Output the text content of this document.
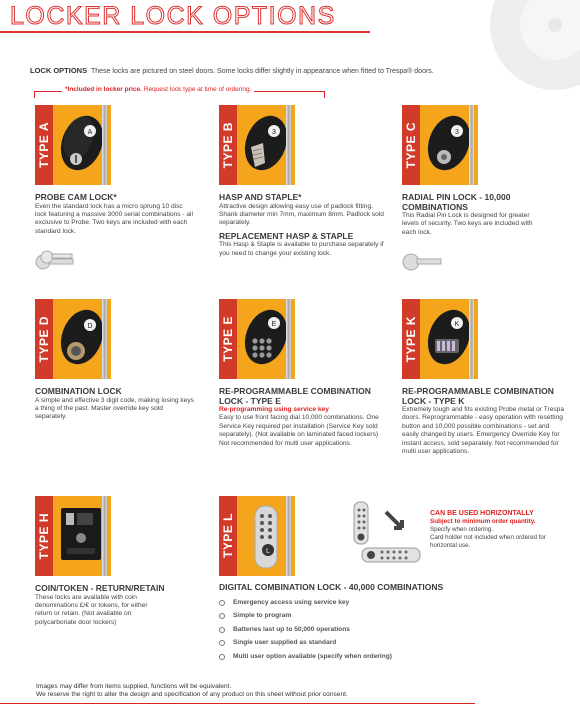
LOCKER LOCK OPTIONS
LOCK OPTIONS These locks are pictured on steel doors. Some locks differ slightly in appearance when fitted to Trespa® doors.
*Included in locker price. Request lock type at time of ordering.
TYPE A	A	TYPE B	3	TYPE C	3
PROBE CAM LOCK*
Even the standard lock has a micro sprung 10 disc lock featuring a massive 3000 serial combinations - all exclusive to Probe. Two keys are included with each standard lock.
HASP AND STAPLE*
Attractive design allowing easy use of padlock fitting. Shank diameter min 7mm, maximum 8mm. Padlock sold separately.
REPLACEMENT HASP & STAPLE
This Hasp & Staple is available to purchase separately if you need to change your existing lock.
RADIAL PIN LOCK - 10,000 COMBINATIONS
This Radial Pin Lock is designed for greater levels of security. Two keys are included with each lock.
TYPE D	D	TYPE E	E	TYPE K	K
COMBINATION LOCK
A simple and effective 3 digit code, making losing keys a thing of the past. Master override key sold separately.
RE-PROGRAMMABLE COMBINATION LOCK - TYPE E
Re-programming using service key
Easy to use front facing dial 10,000 combinations. One Service Key required per installation (Service Key sold separately). (Not available on laminated faced lockers) Not recommended for multi user applications.
RE-PROGRAMMABLE COMBINATION LOCK - TYPE K
Extremely tough and fits existing Probe metal or Trespa doors. Reprogrammable - easy operation with resetting button and 10,000 possible combinations - set and easily changed by users. Emergency Override Key for instant access, sold separately. Not recommended for multi user applications.
TYPE H	TYPE L	L
CAN BE USED HORIZONTALLY
Subject to minimum order quantity.
Specify when ordering.
Card holder not included when ordered for horizontal use.
COIN/TOKEN - RETURN/RETAIN
These locks are available with coin denominations £/€ or tokens, for either return or retain. (Not available on polycarbonate door lockers)
DIGITAL COMBINATION LOCK - 40,000 COMBINATIONS
Emergency access using service key
Simple to program
Batteries last up to 50,000 operations
Single user supplied as standard
Multi user option available (specify when ordering)
Images may differ from items supplied, functions will be equivalent.
We reserve the right to alter the design and specification of any product on this sheet without prior consent.
